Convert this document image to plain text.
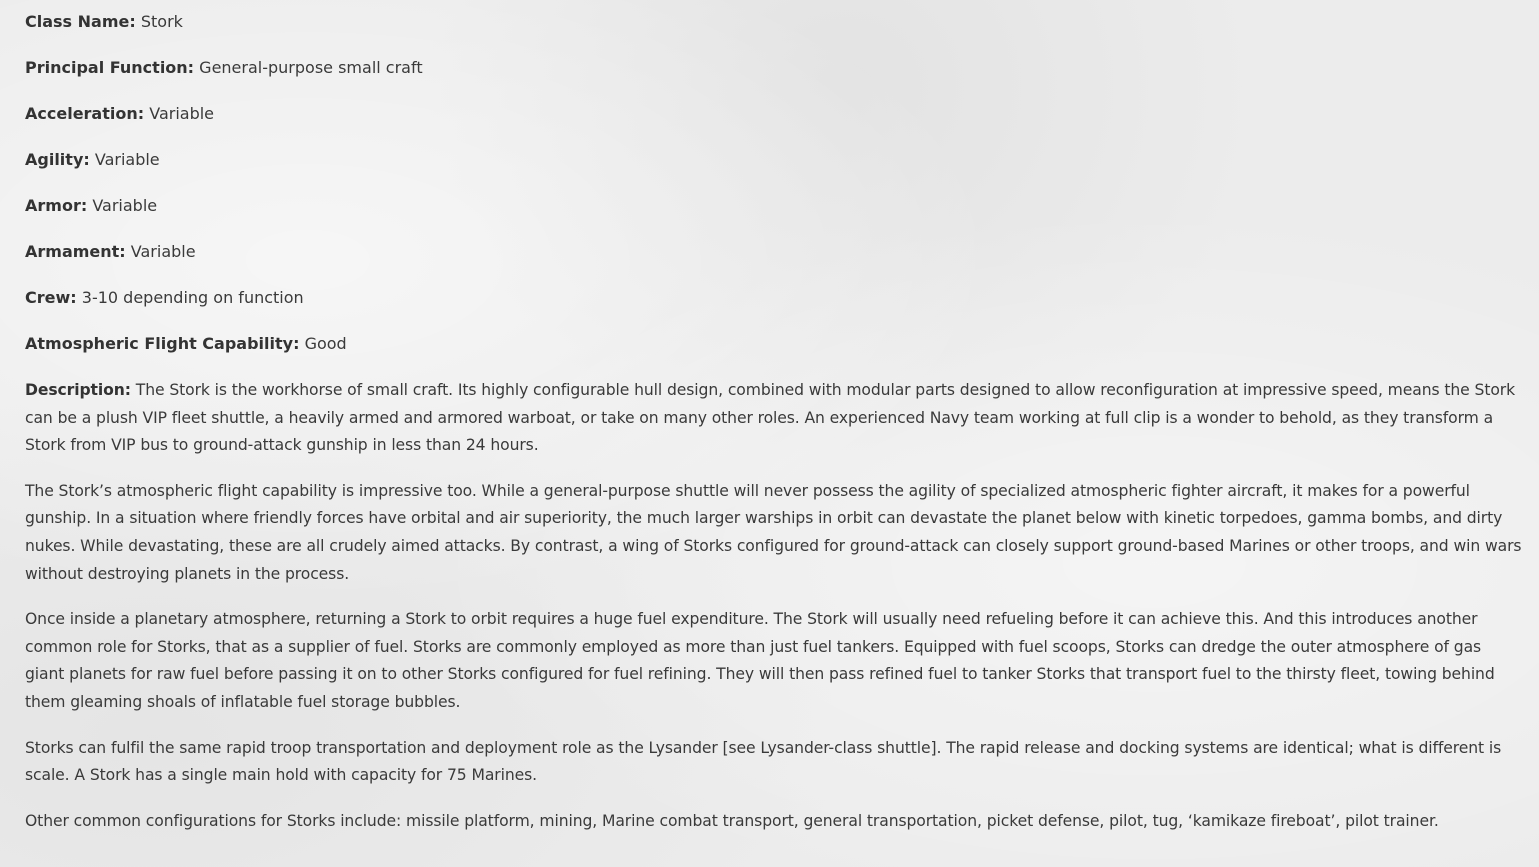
Class Name: Stork

Principal Function: General-purpose small craft

Acceleration: Variable

Agility: Variable

Armor: Variable

Armament: Variable

Crew: 3-10 depending on function

Atmospheric Flight Capability: Good

Description: The Stork is the workhorse of small craft. Its highly configurable hull design, combined with modular parts designed to allow reconfiguration at impressive speed, means the Stork can be a plush VIP fleet shuttle, a heavily armed and armored warboat, or take on many other roles. An experienced Navy team working at full clip is a wonder to behold, as they transform a Stork from VIP bus to ground-attack gunship in less than 24 hours.

The Stork’s atmospheric flight capability is impressive too. While a general-purpose shuttle will never possess the agility of specialized atmospheric fighter aircraft, it makes for a powerful gunship. In a situation where friendly forces have orbital and air superiority, the much larger warships in orbit can devastate the planet below with kinetic torpedoes, gamma bombs, and dirty nukes. While devastating, these are all crudely aimed attacks. By contrast, a wing of Storks configured for ground-attack can closely support ground-based Marines or other troops, and win wars without destroying planets in the process.

Once inside a planetary atmosphere, returning a Stork to orbit requires a huge fuel expenditure. The Stork will usually need refueling before it can achieve this. And this introduces another common role for Storks, that as a supplier of fuel. Storks are commonly employed as more than just fuel tankers. Equipped with fuel scoops, Storks can dredge the outer atmosphere of gas giant planets for raw fuel before passing it on to other Storks configured for fuel refining. They will then pass refined fuel to tanker Storks that transport fuel to the thirsty fleet, towing behind them gleaming shoals of inflatable fuel storage bubbles.

Storks can fulfil the same rapid troop transportation and deployment role as the Lysander [see Lysander-class shuttle]. The rapid release and docking systems are identical; what is different is scale. A Stork has a single main hold with capacity for 75 Marines.

Other common configurations for Storks include: missile platform, mining, Marine combat transport, general transportation, picket defense, pilot, tug, ‘kamikaze fireboat’, pilot trainer.
